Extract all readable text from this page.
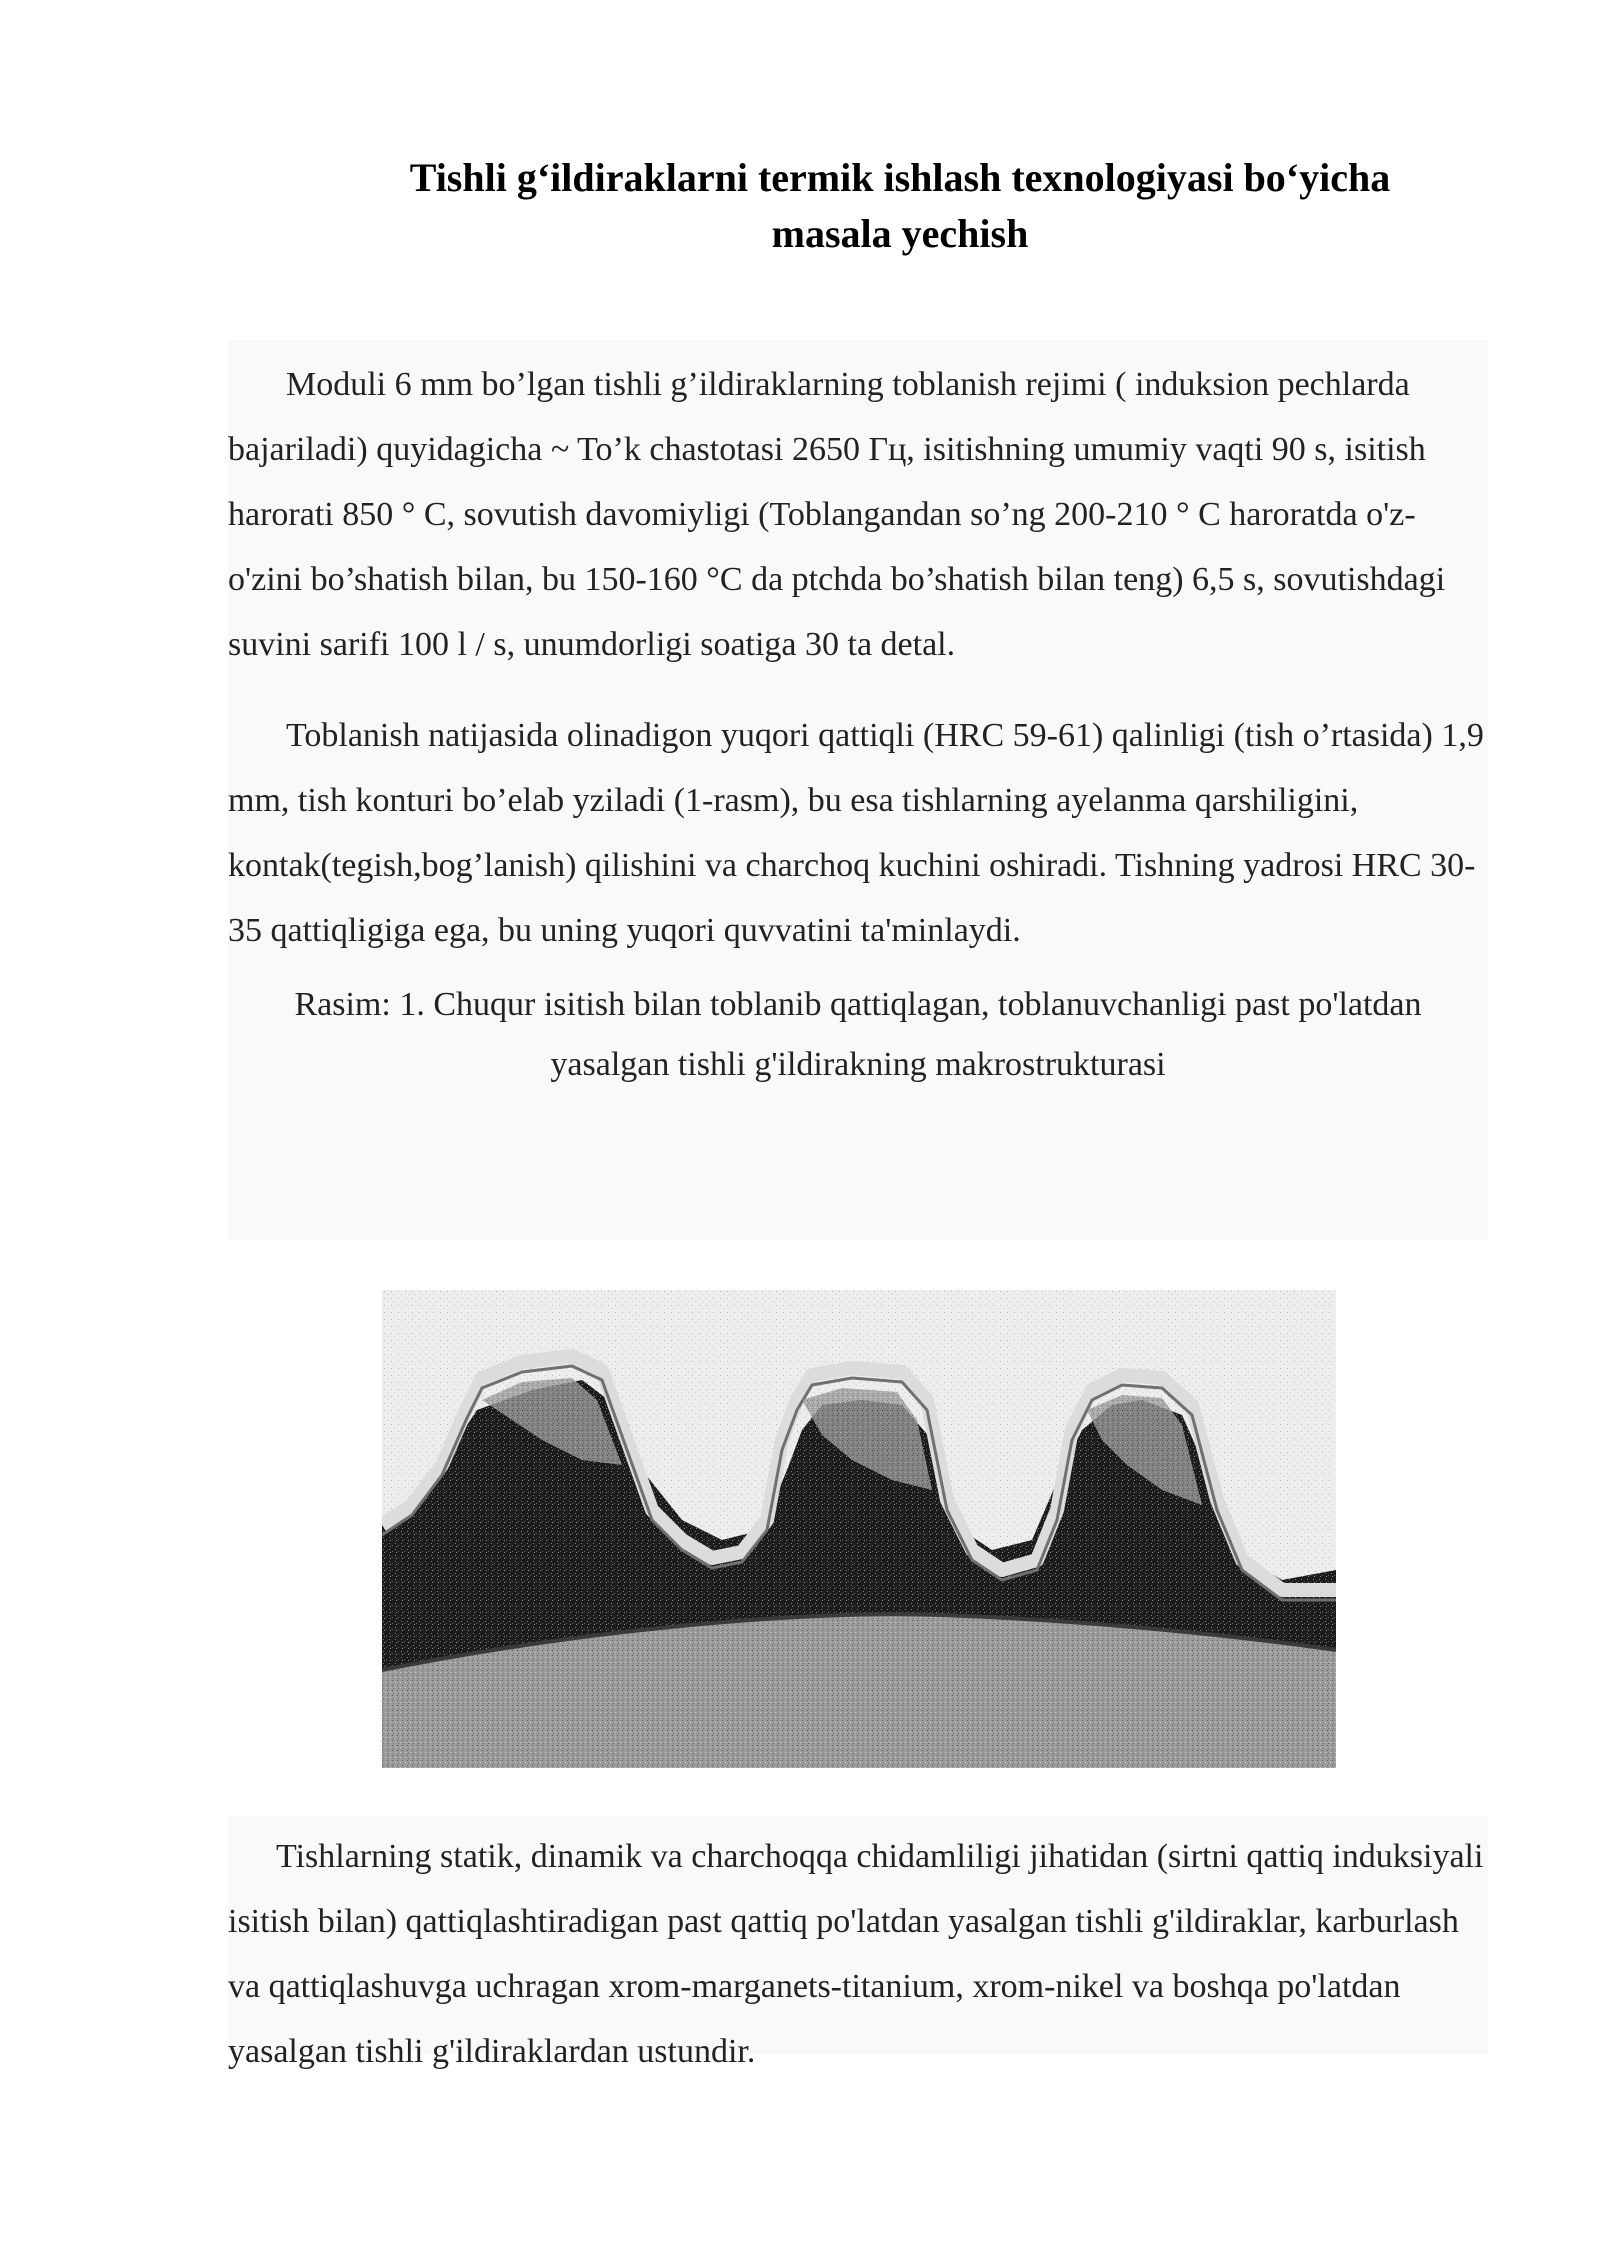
Tishli g‘ildiraklarni termik ishlash texnologiyasi bo‘yicha
masala yechish

Moduli 6 mm bo’lgan tishli g’ildiraklarning toblanish rejimi ( induksion pechlarda bajariladi) quyidagicha ~ To’k chastotasi 2650 Гц, isitishning umumiy vaqti 90 s, isitish harorati 850 ° C, sovutish davomiyligi (Toblangandan so’ng 200-210 ° C haroratda o'z-o'zini bo’shatish bilan, bu 150-160 °C da ptchda bo’shatish bilan teng) 6,5 s, sovutishdagi suvini sarifi 100 l / s, unumdorligi soatiga 30 ta detal.

Toblanish natijasida olinadigon yuqori qattiqli (HRC 59-61) qalinligi (tish o’rtasida) 1,9 mm, tish konturi bo’elab yziladi (1-rasm), bu esa tishlarning ayelanma qarshiligini, kontak(tegish,bog’lanish) qilishini va charchoq kuchini oshiradi. Tishning yadrosi HRC 30-35 qattiqligiga ega, bu uning yuqori quvvatini ta'minlaydi.

Rasim: 1. Chuqur isitish bilan toblanib qattiqlagan, toblanuvchanligi past po'latdan
yasalgan tishli g'ildirakning makrostrukturasi

Tishlarning statik, dinamik va charchoqqa chidamliligi jihatidan (sirtni qattiq induksiyali isitish bilan) qattiqlashtiradigan past qattiq po'latdan yasalgan tishli g'ildiraklar, karburlash va qattiqlashuvga uchragan xrom-marganets-titanium, xrom-nikel va boshqa po'latdan yasalgan tishli g'ildiraklardan ustundir.
